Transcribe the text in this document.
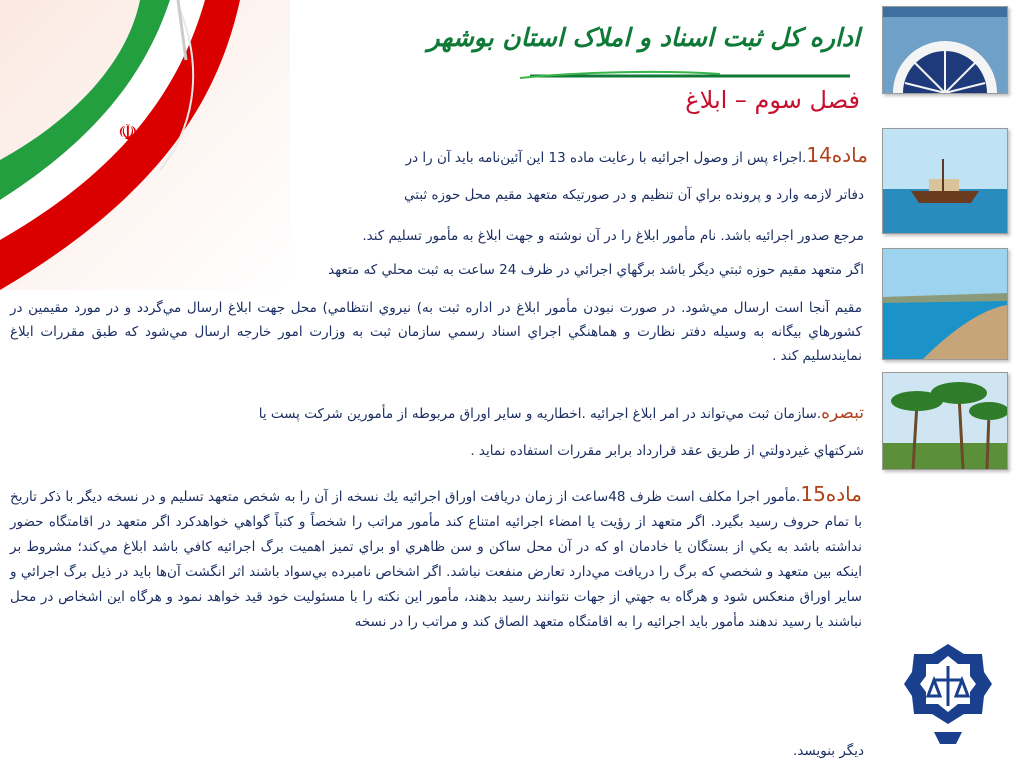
☫
اداره کل ثبت اسناد و املاک استان بوشهر
فصل سوم – ابلاغ
ماده14.اجراء پس از وصول اجرائيه با رعايت ماده 13 اين آئين‌نامه بايد آن را در
دفاتر لازمه وارد و پرونده براي آن تنظيم و در صورتيكه متعهد مقيم محل حوزه ثبتي
مرجع صدور اجرائيه باشد. نام مأمور ابلاغ را در آن نوشته و جهت ابلاغ به مأمور تسليم كند.
اگر متعهد مقيم حوزه ثبتي ديگر باشد برگهاي اجرائي در ظرف 24 ساعت به ثبت محلي كه متعهد
مقيم آنجا است ارسال مي‌شود. در صورت نبودن مأمور ابلاغ در اداره ثبت به) نيروي انتظامي) محل جهت ابلاغ ارسال مي‌گردد و در مورد مقيمين در كشورهاي بيگانه به وسيله دفتر نظارت و هماهنگي اجراي اسناد رسمي سازمان ثبت به وزارت امور خارجه ارسال مي‌شود كه طبق مقررات ابلاغ نمايندسليم كند .
تبصره.سازمان ثبت مي‌تواند در امر ابلاغ اجرائيه .اخطاريه و ساير اوراق مربوطه از مأمورين شركت پست يا
شركتهاي غيردولتي از طريق عقد قرارداد برابر مقررات استفاده نمايد .
ماده15.مأمور اجرا مكلف است ظرف 48ساعت از زمان دريافت اوراق اجرائيه يك نسخه از آن را به شخص متعهد تسليم و در نسخه ديگر با ذكر تاريخ با تمام حروف رسيد بگيرد. اگر متعهد از رؤيت يا امضاء اجرائيه امتناع كند مأمور مراتب را شخصاً و كتباً گواهي خواهدكرد اگر متعهد در اقامتگاه حضور نداشته باشد به يكي از بستگان يا خادمان او كه در آن محل ساكن و سن ظاهري او براي تميز اهميت برگ اجرائيه كافي باشد ابلاغ مي‌كند؛ مشروط بر اينكه بين متعهد و شخصي كه برگ را دريافت مي‌دارد تعارض منفعت نباشد. اگر اشخاص نامبرده بي‌سواد باشند اثر انگشت آن‌ها بايد در ذيل برگ اجرائي و ساير اوراق منعكس شود و هرگاه به جهتي از جهات نتوانند رسيد بدهند، مأمور اين نكته را با مسئوليت خود قيد خواهد نمود و هرگاه اين اشخاص در محل نباشند يا رسيد ندهند مأمور بايد اجرائيه را به اقامتگاه متعهد الصاق كند و مراتب را در نسخه
ديگر بنويسد.
